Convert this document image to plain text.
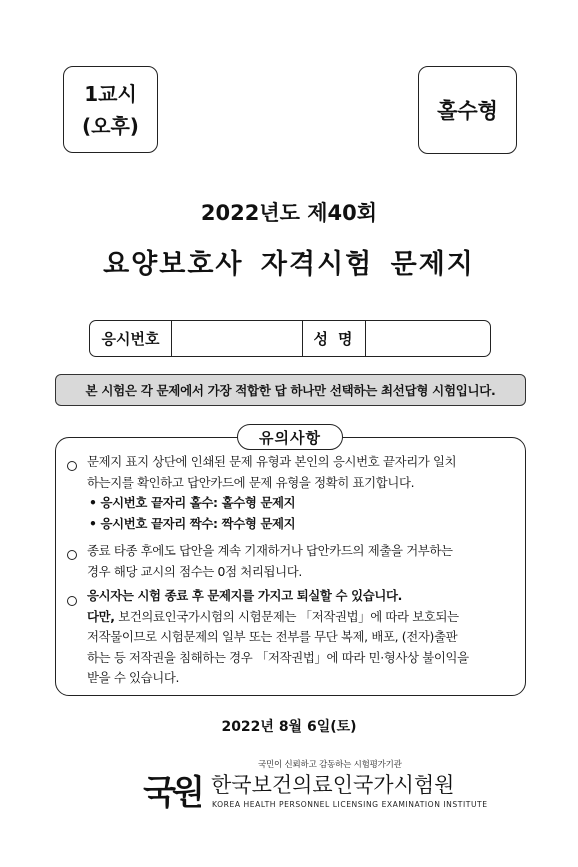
1교시
(오후)
홀수형
2022년도 제40회
요양보호사 자격시험 문제지
응시번호	성명
본 시험은 각 문제에서 가장 적합한 답 하나만 선택하는 최선답형 시험입니다.
유의사항
문제지 표지 상단에 인쇄된 문제 유형과 본인의 응시번호 끝자리가 일치
하는지를 확인하고 답안카드에 문제 유형을 정확히 표기합니다.
• 응시번호 끝자리 홀수: 홀수형 문제지
• 응시번호 끝자리 짝수: 짝수형 문제지
종료 타종 후에도 답안을 계속 기재하거나 답안카드의 제출을 거부하는
경우 해당 교시의 점수는 0점 처리됩니다.
응시자는 시험 종료 후 문제지를 가지고 퇴실할 수 있습니다.
다만, 보건의료인국가시험의 시험문제는 「저작권법」에 따라 보호되는
저작물이므로 시험문제의 일부 또는 전부를 무단 복제, 배포, (전자)출판
하는 등 저작권을 침해하는 경우 「저작권법」에 따라 민·형사상 불이익을
받을 수 있습니다.
2022년 8월 6일(토)
국원
국민이 신뢰하고 감동하는 시험평가기관
한국보건의료인국가시험원
KOREA HEALTH PERSONNEL LICENSING EXAMINATION INSTITUTE
